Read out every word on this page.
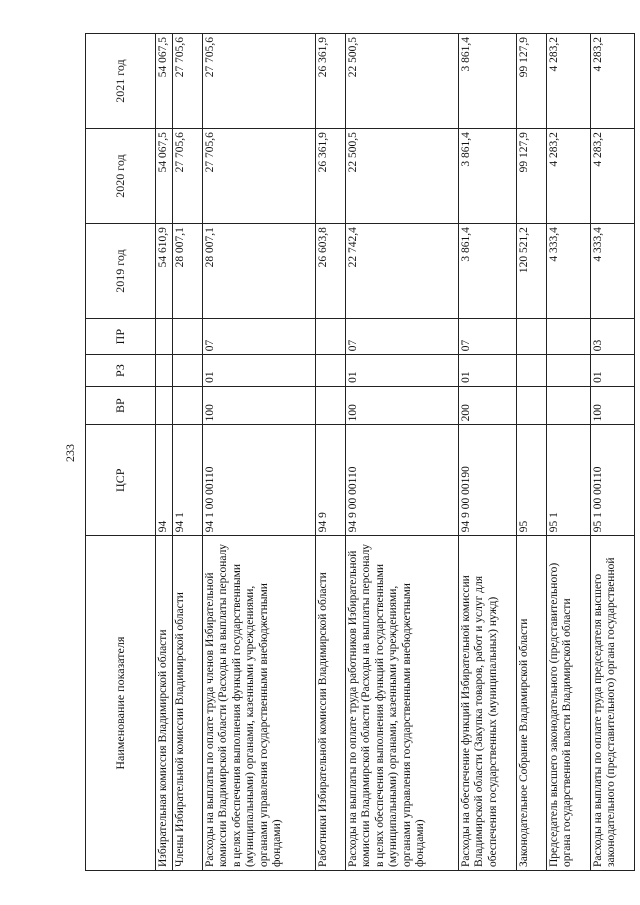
233
Наименование показателя	ЦСР	ВР	РЗ	ПР	2019 год	2020 год	2021 год
Избирательная комиссия Владимирской области	94				54 610,9	54 067,5	54 067,5
Члены Избирательной комиссии Владимирской области	94 1				28 007,1	27 705,6	27 705,6
Расходы на выплаты по оплате труда членов Избирательной комиссии Владимирской области (Расходы на выплаты персоналу в целях обеспечения выполнения функций государственными (муниципальными) органами, казенными учреждениями, органами управления государственными внебюджетными фондами)	94 1 00 00110	100	01	07	28 007,1	27 705,6	27 705,6
Работники Избирательной комиссии Владимирской области	94 9				26 603,8	26 361,9	26 361,9
Расходы на выплаты по оплате труда работников Избирательной комиссии Владимирской области (Расходы на выплаты персоналу в целях обеспечения выполнения функций государственными (муниципальными) органами, казенными учреждениями, органами управления государственными внебюджетными фондами)	94 9 00 00110	100	01	07	22 742,4	22 500,5	22 500,5
Расходы на обеспечение функций Избирательной комиссии Владимирской области (Закупка товаров, работ и услуг для обеспечения государственных (муниципальных) нужд)	94 9 00 00190	200	01	07	3 861,4	3 861,4	3 861,4
Законодательное Собрание Владимирской области	95				120 521,2	99 127,9	99 127,9
Председатель высшего законодательного (представительного) органа государственной власти Владимирской области	95 1				4 333,4	4 283,2	4 283,2
Расходы на выплаты по оплате труда председателя высшего законодательного (представительного) органа государственной	95 1 00 00110	100	01	03	4 333,4	4 283,2	4 283,2
